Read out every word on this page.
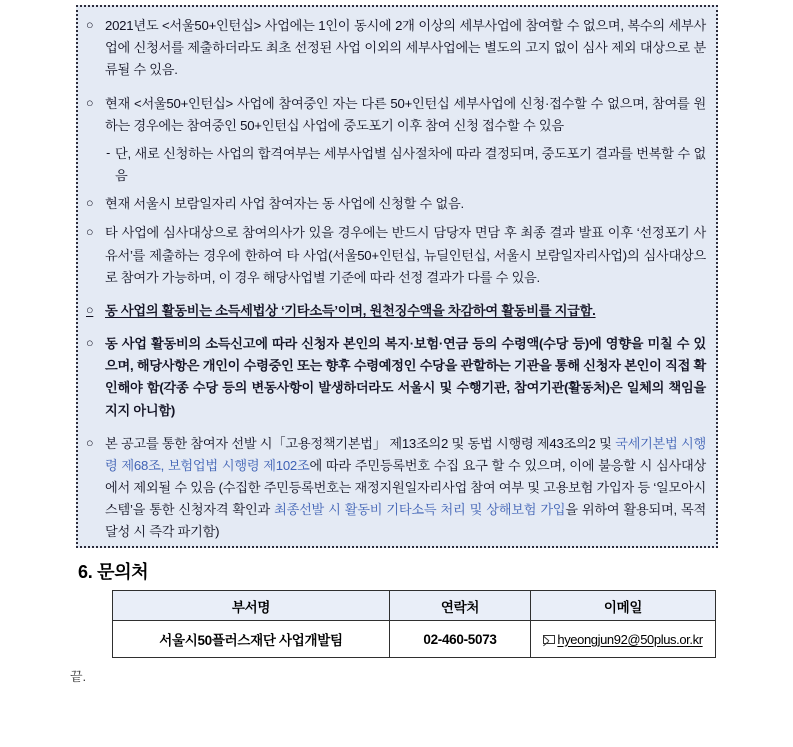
○ 2021년도 <서울50+인턴십> 사업에는 1인이 동시에 2개 이상의 세부사업에 참여할 수 없으며, 복수의 세부사업에 신청서를 제출하더라도 최초 선정된 사업 이외의 세부사업에는 별도의 고지 없이 심사 제외 대상으로 분류될 수 있음.
○ 현재 <서울50+인턴십> 사업에 참여중인 자는 다른 50+인턴십 세부사업에 신청·접수할 수 없으며, 참여를 원하는 경우에는 참여중인 50+인턴십 사업에 중도포기 이후 참여 신청 접수할 수 있음
- 단, 새로 신청하는 사업의 합격여부는 세부사업별 심사절차에 따라 결정되며, 중도포기 결과를 번복할 수 없음
○ 현재 서울시 보람일자리 사업 참여자는 동 사업에 신청할 수 없음.
○ 타 사업에 심사대상으로 참여의사가 있을 경우에는 반드시 담당자 면담 후 최종 결과 발표 이후 ‘선정포기 사유서’를 제출하는 경우에 한하여 타 사업(서울50+인턴십, 뉴딜인턴십, 서울시 보람일자리사업)의 심사대상으로 참여가 가능하며, 이 경우 해당사업별 기준에 따라 선정 결과가 다를 수 있음.
○ 동 사업의 활동비는 소득세법상 ‘기타소득’이며, 원천징수액을 차감하여 활동비를 지급함.
○ 동 사업 활동비의 소득신고에 따라 신청자 본인의 복지·보험·연금 등의 수령액(수당 등)에 영향을 미칠 수 있으며, 해당사항은 개인이 수령중인 또는 향후 수령예정인 수당을 관할하는 기관을 통해 신청자 본인이 직접 확인해야 함(각종 수당 등의 변동사항이 발생하더라도 서울시 및 수행기관, 참여기관(활동처)은 일체의 책임을 지지 아니함)
○ 본 공고를 통한 참여자 선발 시「고용정책기본법」 제13조의2 및 동법 시행령 제43조의2 및 국세기본법 시행령 제68조, 보험업법 시행령 제102조에 따라 주민등록번호 수집 요구 할 수 있으며, 이에 불응할 시 심사대상에서 제외될 수 있음 (수집한 주민등록번호는 재정지원일자리사업 참여 여부 및 고용보험 가입자 등 ‘일모아시스템’을 통한 신청자격 확인과 최종선발 시 활동비 기타소득 처리 및 상해보험 가입을 위하여 활용되며, 목적달성 시 즉각 파기함)
6. 문의처
부서명	연락처	이메일
서울시50플러스재단 사업개발팀	02-460-5073	hyeongjun92@50plus.or.kr
끝.
